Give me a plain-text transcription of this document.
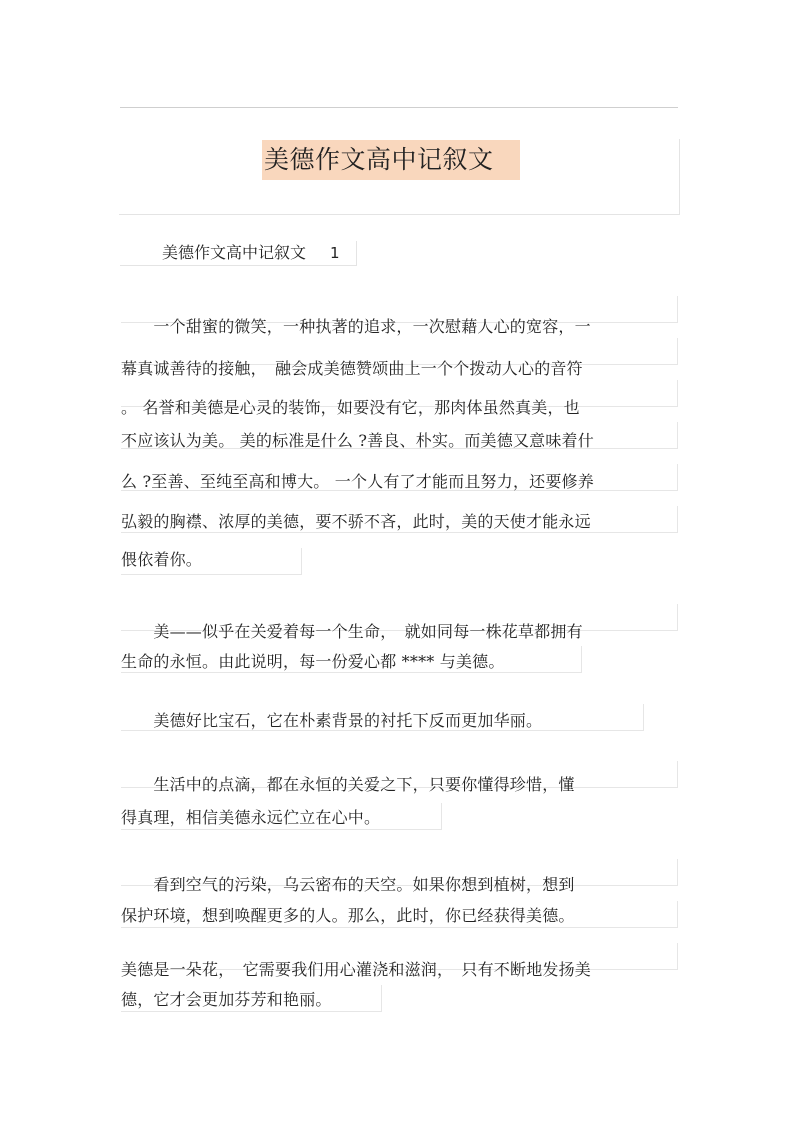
美德作文高中记叙文
美德作文高中记叙文 1
　　一个甜蜜的微笑，一种执著的追求，一次慰藉人心的宽容，一
幕真诚善待的接触，　融会成美德赞颂曲上一个个拨动人心的音符
。 名誉和美德是心灵的装饰，如要没有它，那肉体虽然真美，也
不应该认为美。 美的标准是什么 ?善良、朴实。而美德又意味着什
么 ?至善、至纯至高和博大。 一个人有了才能而且努力，还要修养
弘毅的胸襟、浓厚的美德，要不骄不吝，此时，美的天使才能永远
偎依着你。
　　美——似乎在关爱着每一个生命，　就如同每一株花草都拥有
生命的永恒。由此说明，每一份爱心都 **** 与美德。
　　美德好比宝石，它在朴素背景的衬托下反而更加华丽。
　　生活中的点滴，都在永恒的关爱之下，只要你懂得珍惜，懂
得真理，相信美德永远伫立在心中。
　　看到空气的污染，乌云密布的天空。如果你想到植树，想到
保护环境，想到唤醒更多的人。那么，此时，你已经获得美德。
美德是一朵花，　它需要我们用心灌浇和滋润，　只有不断地发扬美
德，它才会更加芬芳和艳丽。
